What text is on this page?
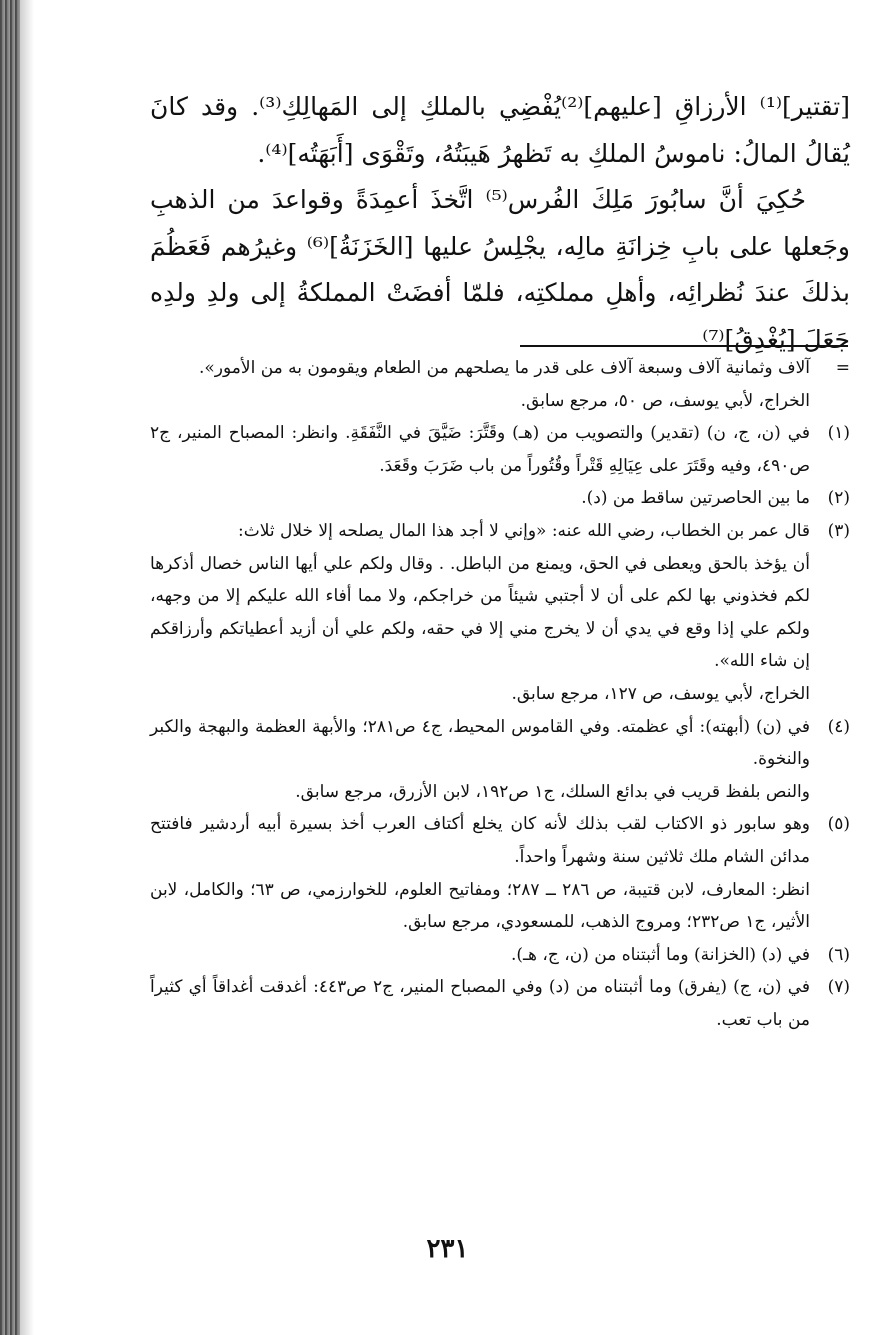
[تقتير]⁽¹⁾ الأرزاقِ [عليهم]⁽²⁾يُفْضِي بالملكِ إلى المَهالِكِ⁽³⁾. وقد كانَ يُقالُ المالُ: ناموسُ الملكِ به تَظهرُ هَيبَتُهُ، وتَقْوَى [أَبَهَتُه]⁽⁴⁾.

حُكِيَ أنَّ سابُورَ مَلِكَ الفُرس⁽⁵⁾ اتَّخذَ أعمِدَةً وقواعدَ من الذهبِ وجَعلها على بابِ خِزانَةِ مالِه، يجْلِسُ عليها [الخَزَنَةُ]⁽⁶⁾ وغيرُهم فَعَظُمَ بذلكَ عندَ نُظرائِه، وأهلِ مملكتِه، فلمّا أفضَتْ المملكةُ إلى ولدِ ولدِه جَعَلَ [يُغْدِقُ]⁽⁷⁾

=

آلاف وثمانية آلاف وسبعة آلاف على قدر ما يصلحهم من الطعام ويقومون به من الأمور».

الخراج، لأبي يوسف، ص ٥٠، مرجع سابق.

(١)

في (ن، ج، ن) (تقدير) والتصويب من (هـ) وقَتَّرَ: ضَيَّقَ في النَّفَقَةِ. وانظر: المصباح المنير، ج٢ ص٤٩٠، وفيه وقَتَرَ على عِيَالِهِ قَتْراً وقُتُوراً من باب ضَرَبَ وقَعَدَ.

(٢)

ما بين الحاصرتين ساقط من (د).

(٣)

قال عمر بن الخطاب، رضي الله عنه: «وإني لا أجد هذا المال يصلحه إلا خلال ثلاث:

أن يؤخذ بالحق ويعطى في الحق، ويمنع من الباطل. . وقال ولكم علي أيها الناس خصال أذكرها لكم فخذوني بها لكم على أن لا أجتبي شيئاً من خراجكم، ولا مما أفاء الله عليكم إلا من وجهه، ولكم علي إذا وقع في يدي أن لا يخرج مني إلا في حقه، ولكم علي أن أزيد أعطياتكم وأرزاقكم إن شاء الله».

الخراج، لأبي يوسف، ص ١٢٧، مرجع سابق.

(٤)

في (ن) (أبهته): أي عظمته. وفي القاموس المحيط، ج٤ ص٢٨١؛ والأبهة العظمة والبهجة والكبر والنخوة.

والنص بلفظ قريب في بدائع السلك، ج١ ص١٩٢، لابن الأزرق، مرجع سابق.

(٥)

وهو سابور ذو الاكتاب لقب بذلك لأنه كان يخلع أكتاف العرب أخذ بسيرة أبيه أردشير فافتتح مدائن الشام ملك ثلاثين سنة وشهراً واحداً.

انظر: المعارف، لابن قتيبة، ص ٢٨٦ ــ ٢٨٧؛ ومفاتيح العلوم، للخوارزمي، ص ٦٣؛ والكامل، لابن الأثير، ج١ ص٢٣٢؛ ومروج الذهب، للمسعودي، مرجع سابق.

(٦)

في (د) (الخزانة) وما أثبتناه من (ن، ج، هـ).

(٧)

في (ن، ج) (يفرق) وما أثبتناه من (د) وفي المصباح المنير، ج٢ ص٤٤٣: أغدقت أغداقاً أي كثيراً من باب تعب.

٢٣١
